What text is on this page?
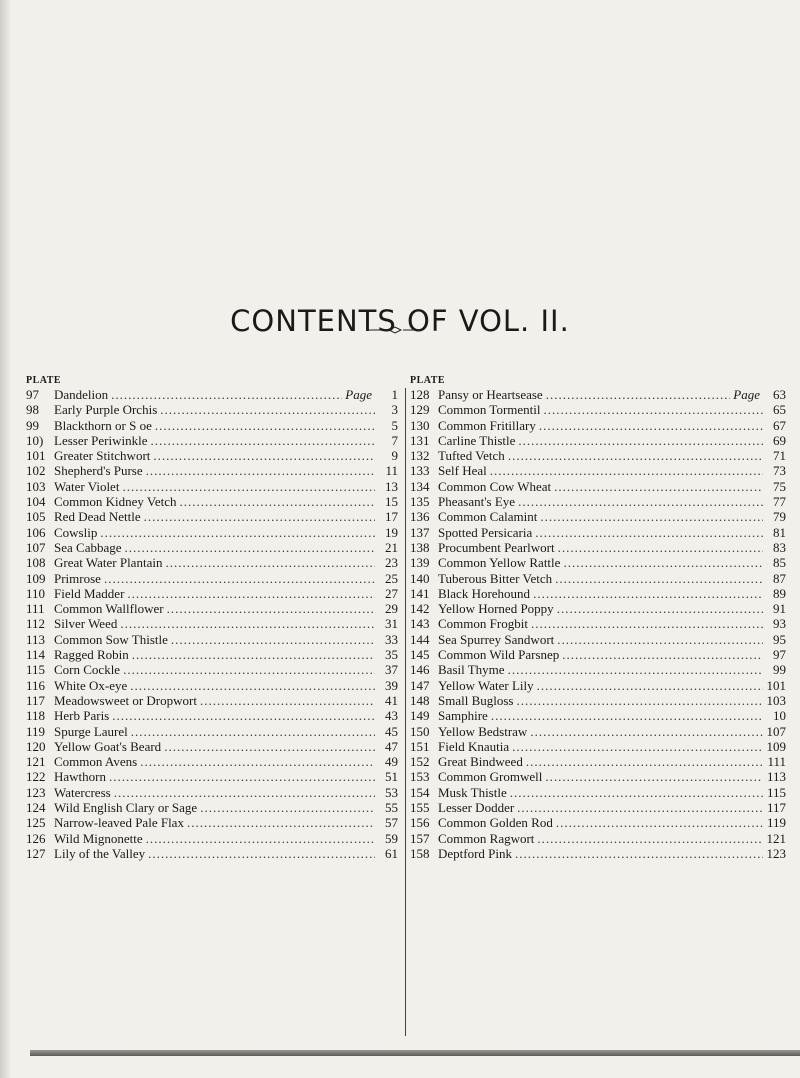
CONTENTS OF VOL. II.
PLATE
97	Dandelion .....	Page	1
98	Early Purple Orchis .....	3
99	Blackthorn or S oe .....	5
10) Lesser Periwinkle .....	7
101 Greater Stitchwort .....	9
102 Shepherd's Purse .....	11
103 Water Violet .....	13
104 Common Kidney Vetch .....	15
105 Red Dead Nettle .....	17
106 Cowslip .....	19
107 Sea Cabbage .....	21
108 Great Water Plantain .....	23
109 Primrose .....	25
110 Field Madder .....	27
111 Common Wallflower .....	29
112 Silver Weed .....	31
113 Common Sow Thistle .....	33
114 Ragged Robin .....	35
115 Corn Cockle .....	37
116 White Ox-eye .....	39
117 Meadowsweet or Dropwort .....	41
118 Herb Paris .....	43
119 Spurge Laurel .....	45
120 Yellow Goat's Beard .....	47
121 Common Avens .....	49
122 Hawthorn .....	51
123 Watercress .....	53
124 Wild English Clary or Sage .....	55
125 Narrow-leaved Pale Flax .....	57
126 Wild Mignonette .....	59
127 Lily of the Valley .....	61
PLATE
128 Pansy or Heartsease .....	Page	63
129 Common Tormentil .....	65
130 Common Fritillary .....	67
131 Carline Thistle .....	69
132 Tufted Vetch .....	71
133 Self Heal .....	73
134 Common Cow Wheat .....	75
135 Pheasant's Eye .....	77
136 Common Calamint .....	79
137 Spotted Persicaria .....	81
138 Procumbent Pearlwort .....	83
139 Common Yellow Rattle .....	85
140 Tuberous Bitter Vetch .....	87
141 Black Horehound .....	89
142 Yellow Horned Poppy .....	91
143 Common Frogbit .....	93
144 Sea Spurrey Sandwort .....	95
145 Common Wild Parsnep .....	97
146 Basil Thyme .....	99
147 Yellow Water Lily .....	101
148 Small Bugloss .....	103
149 Samphire .....	10
150 Yellow Bedstraw .....	107
151 Field Knautia .....	109
152 Great Bindweed .....	111
153 Common Gromwell .....	113
154 Musk Thistle .....	115
155 Lesser Dodder .....	117
156 Common Golden Rod .....	119
157 Common Ragwort .....	121
158 Deptford Pink .....	123
